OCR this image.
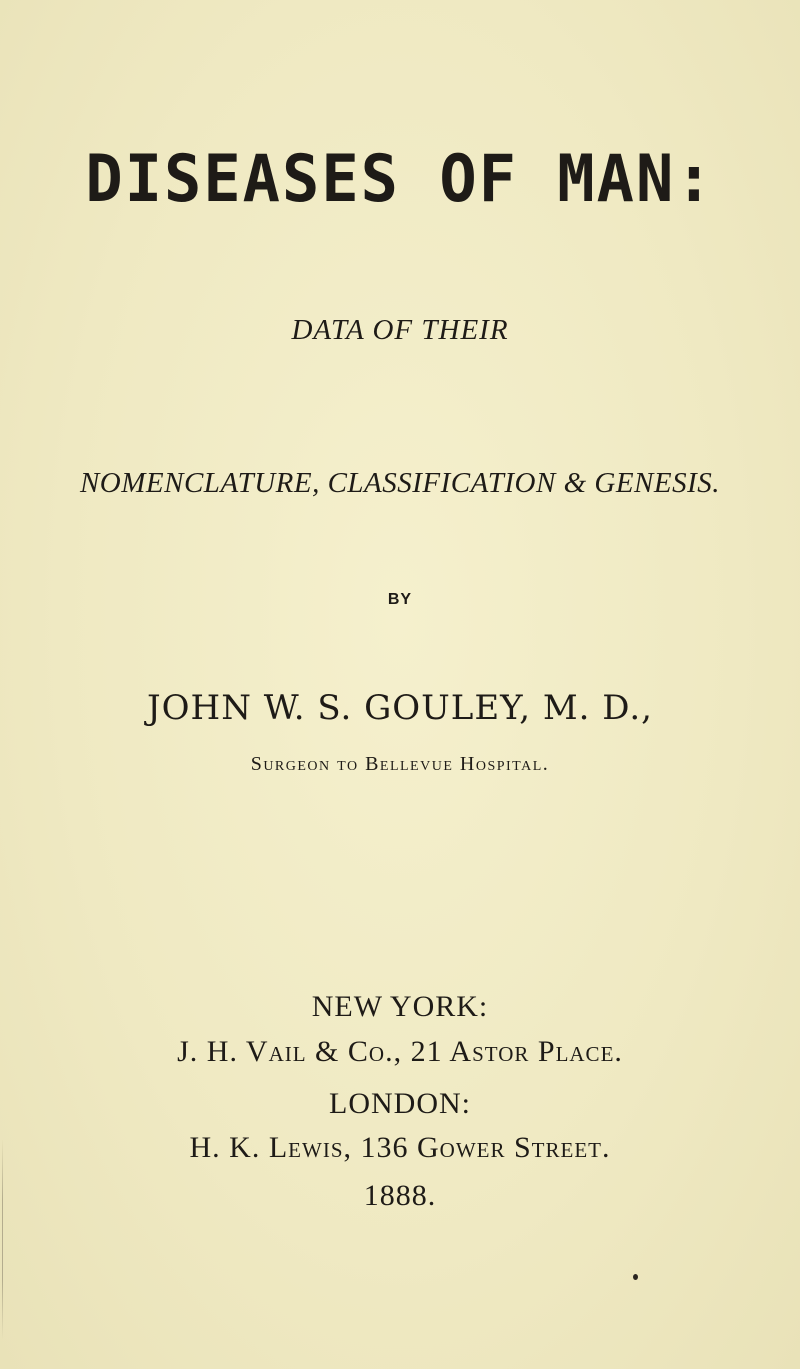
DISEASES OF MAN:
DATA OF THEIR
NOMENCLATURE, CLASSIFICATION & GENESIS.
BY
JOHN W. S. GOULEY, M. D.,
Surgeon to Bellevue Hospital.
NEW YORK:
J. H. Vail & Co., 21 Astor Place.
LONDON:
H. K. Lewis, 136 Gower Street.
1888.
